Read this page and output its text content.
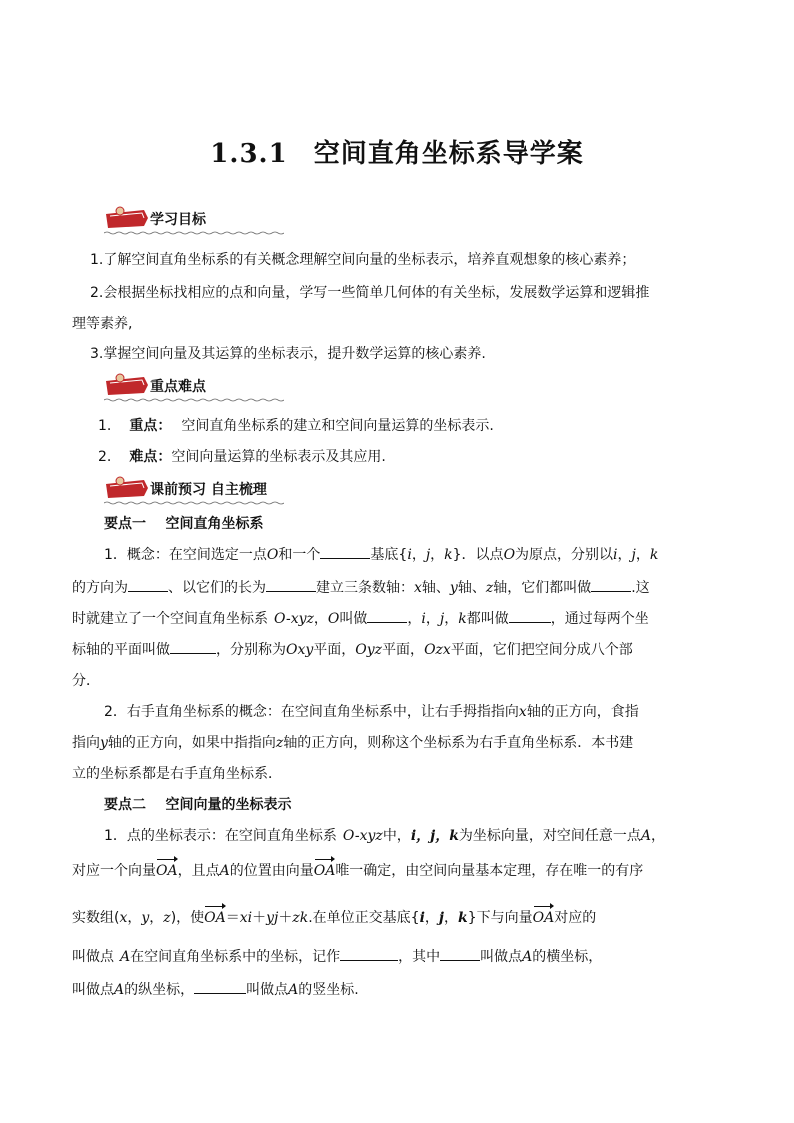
1.3.1 空间直角坐标系导学案
学习目标
1.了解空间直角坐标系的有关概念理解空间向量的坐标表示，培养直观想象的核心素养；
2.会根据坐标找相应的点和向量，学写一些简单几何体的有关坐标，发展数学运算和逻辑推
理等素养,
3.掌握空间向量及其运算的坐标表示，提升数学运算的核心素养.
重点难点
1. 重点： 空间直角坐标系的建立和空间向量运算的坐标表示.
2. 难点：空间向量运算的坐标表示及其应用.
课前预习 自主梳理
要点一    空间直角坐标系
1．概念：在空间选定一点O和一个	基底{i，j，k}．以点O为原点，分别以i，j，k
的方向为	、以它们的长为	建立三条数轴：x轴、y轴、z轴，它们都叫做	.这
时就建立了一个空间直角坐标系 O-xyz，O叫做	，i，j，k都叫做	，通过每两个坐
标轴的平面叫做	，分别称为Oxy平面，Oyz平面，Ozx平面，它们把空间分成八个部
分．
2．右手直角坐标系的概念：在空间直角坐标系中，让右手拇指指向x轴的正方向，食指
指向y轴的正方向，如果中指指向z轴的正方向，则称这个坐标系为右手直角坐标系．本书建
立的坐标系都是右手直角坐标系．
要点二    空间向量的坐标表示
1．点的坐标表示：在空间直角坐标系 O-xyz中，i，j，k为坐标向量，对空间任意一点A，
对应一个向量OA，且点A的位置由向量OA唯一确定，由空间向量基本定理，存在唯一的有序
实数组(x，y，z)，使OA＝xi＋yj＋zk.在单位正交基底{i，j，k}下与向量OA对应的
叫做点 A在空间直角坐标系中的坐标，记作	，其中	叫做点A的横坐标，
叫做点A的纵坐标，	叫做点A的竖坐标.
